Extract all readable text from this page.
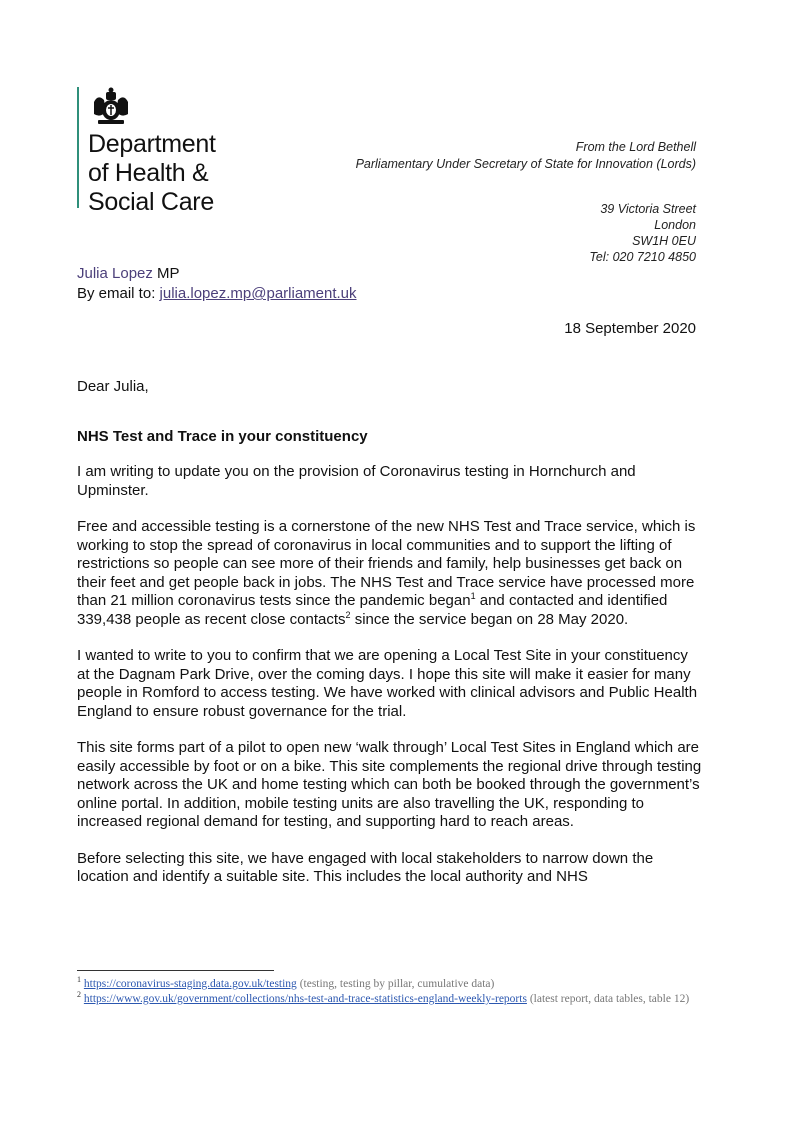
Department
of Health &
Social Care
From the Lord Bethell
Parliamentary Under Secretary of State for Innovation (Lords)
39 Victoria Street
London
SW1H 0EU
Tel: 020 7210 4850
Julia Lopez MP
By email to: julia.lopez.mp@parliament.uk
18 September 2020
Dear Julia,
NHS Test and Trace in your constituency

I am writing to update you on the provision of Coronavirus testing in Hornchurch and Upminster.

Free and accessible testing is a cornerstone of the new NHS Test and Trace service, which is working to stop the spread of coronavirus in local communities and to support the lifting of restrictions so people can see more of their friends and family, help businesses get back on their feet and get people back in jobs. The NHS Test and Trace service have processed more than 21 million coronavirus tests since the pandemic began$^1$ and contacted and identified 339,438 people as recent close contacts$^2$ since the service began on 28 May 2020.

I wanted to write to you to confirm that we are opening a Local Test Site in your constituency at the Dagnam Park Drive, over the coming days. I hope this site will make it easier for many people in Romford to access testing. We have worked with clinical advisors and Public Health England to ensure robust governance for the trial.

This site forms part of a pilot to open new ‘walk through’ Local Test Sites in England which are easily accessible by foot or on a bike. This site complements the regional drive through testing network across the UK and home testing which can both be booked through the government’s online portal. In addition, mobile testing units are also travelling the UK, responding to increased regional demand for testing, and supporting hard to reach areas.

Before selecting this site, we have engaged with local stakeholders to narrow down the location and identify a suitable site. This includes the local authority and NHS

$^1$ https://coronavirus-staging.data.gov.uk/testing (testing, testing by pillar, cumulative data)

$^2$ https://www.gov.uk/government/collections/nhs-test-and-trace-statistics-england-weekly-reports (latest report, data tables, table 12)
